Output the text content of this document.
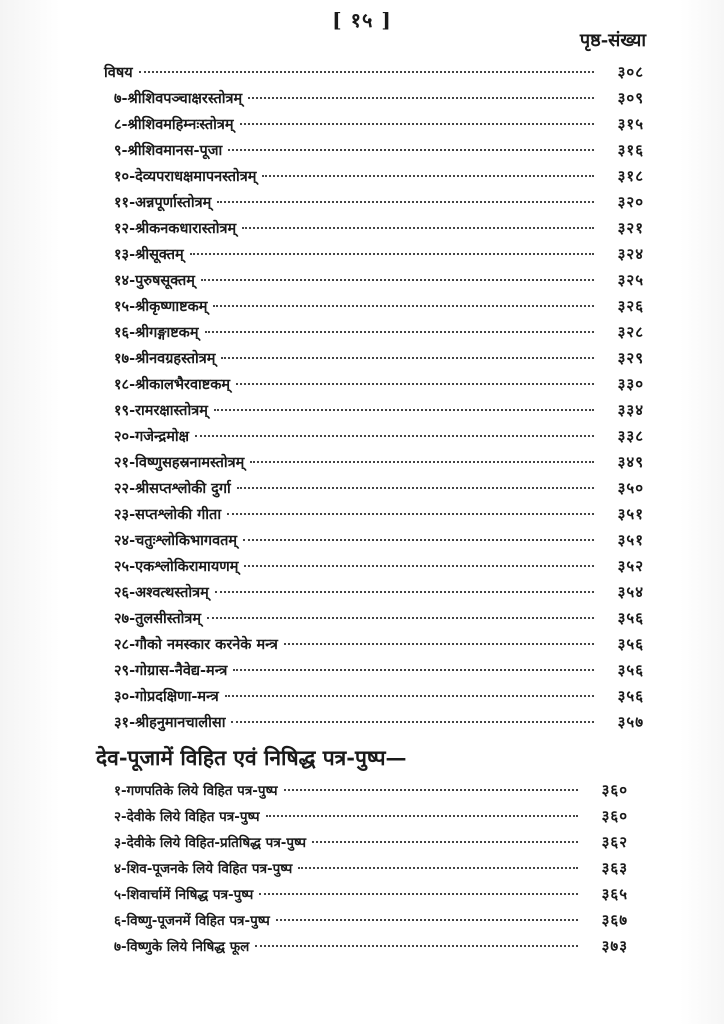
[ १५ ]
पृष्ठ-संख्या
विषय	३०८
७-श्रीशिवपञ्चाक्षरस्तोत्रम्	३०९
८-श्रीशिवमहिम्नःस्तोत्रम्	३१५
९-श्रीशिवमानस-पूजा	३१६
१०-देव्यपराधक्षमापनस्तोत्रम्	३१८
११-अन्नपूर्णास्तोत्रम्	३२०
१२-श्रीकनकधारास्तोत्रम्	३२१
१३-श्रीसूक्तम्	३२४
१४-पुरुषसूक्तम्	३२५
१५-श्रीकृष्णाष्टकम्	३२६
१६-श्रीगङ्गाष्टकम्	३२८
१७-श्रीनवग्रहस्तोत्रम्	३२९
१८-श्रीकालभैरवाष्टकम्	३३०
१९-रामरक्षास्तोत्रम्	३३४
२०-गजेन्द्रमोक्ष	३३८
२१-विष्णुसहस्रनामस्तोत्रम्	३४९
२२-श्रीसप्तश्लोकी दुर्गा	३५०
२३-सप्तश्लोकी गीता	३५१
२४-चतुःश्लोकिभागवतम्	३५१
२५-एकश्लोकिरामायणम्	३५२
२६-अश्वत्थस्तोत्रम्	३५४
२७-तुलसीस्तोत्रम्	३५६
२८-गौको नमस्कार करनेके मन्त्र	३५६
२९-गोग्रास-नैवेद्य-मन्त्र	३५६
३०-गोप्रदक्षिणा-मन्त्र	३५६
३१-श्रीहनुमानचालीसा	३५७
देव-पूजामें विहित एवं निषिद्ध पत्र-पुष्प—
१-गणपतिके लिये विहित पत्र-पुष्प	३६०
२-देवीके लिये विहित पत्र-पुष्प	३६०
३-देवीके लिये विहित-प्रतिषिद्ध पत्र-पुष्प	३६२
४-शिव-पूजनके लिये विहित पत्र-पुष्प	३६३
५-शिवार्चामें निषिद्ध पत्र-पुष्प	३६५
६-विष्णु-पूजनमें विहित पत्र-पुष्प	३६७
७-विष्णुके लिये निषिद्ध फूल	३७३
